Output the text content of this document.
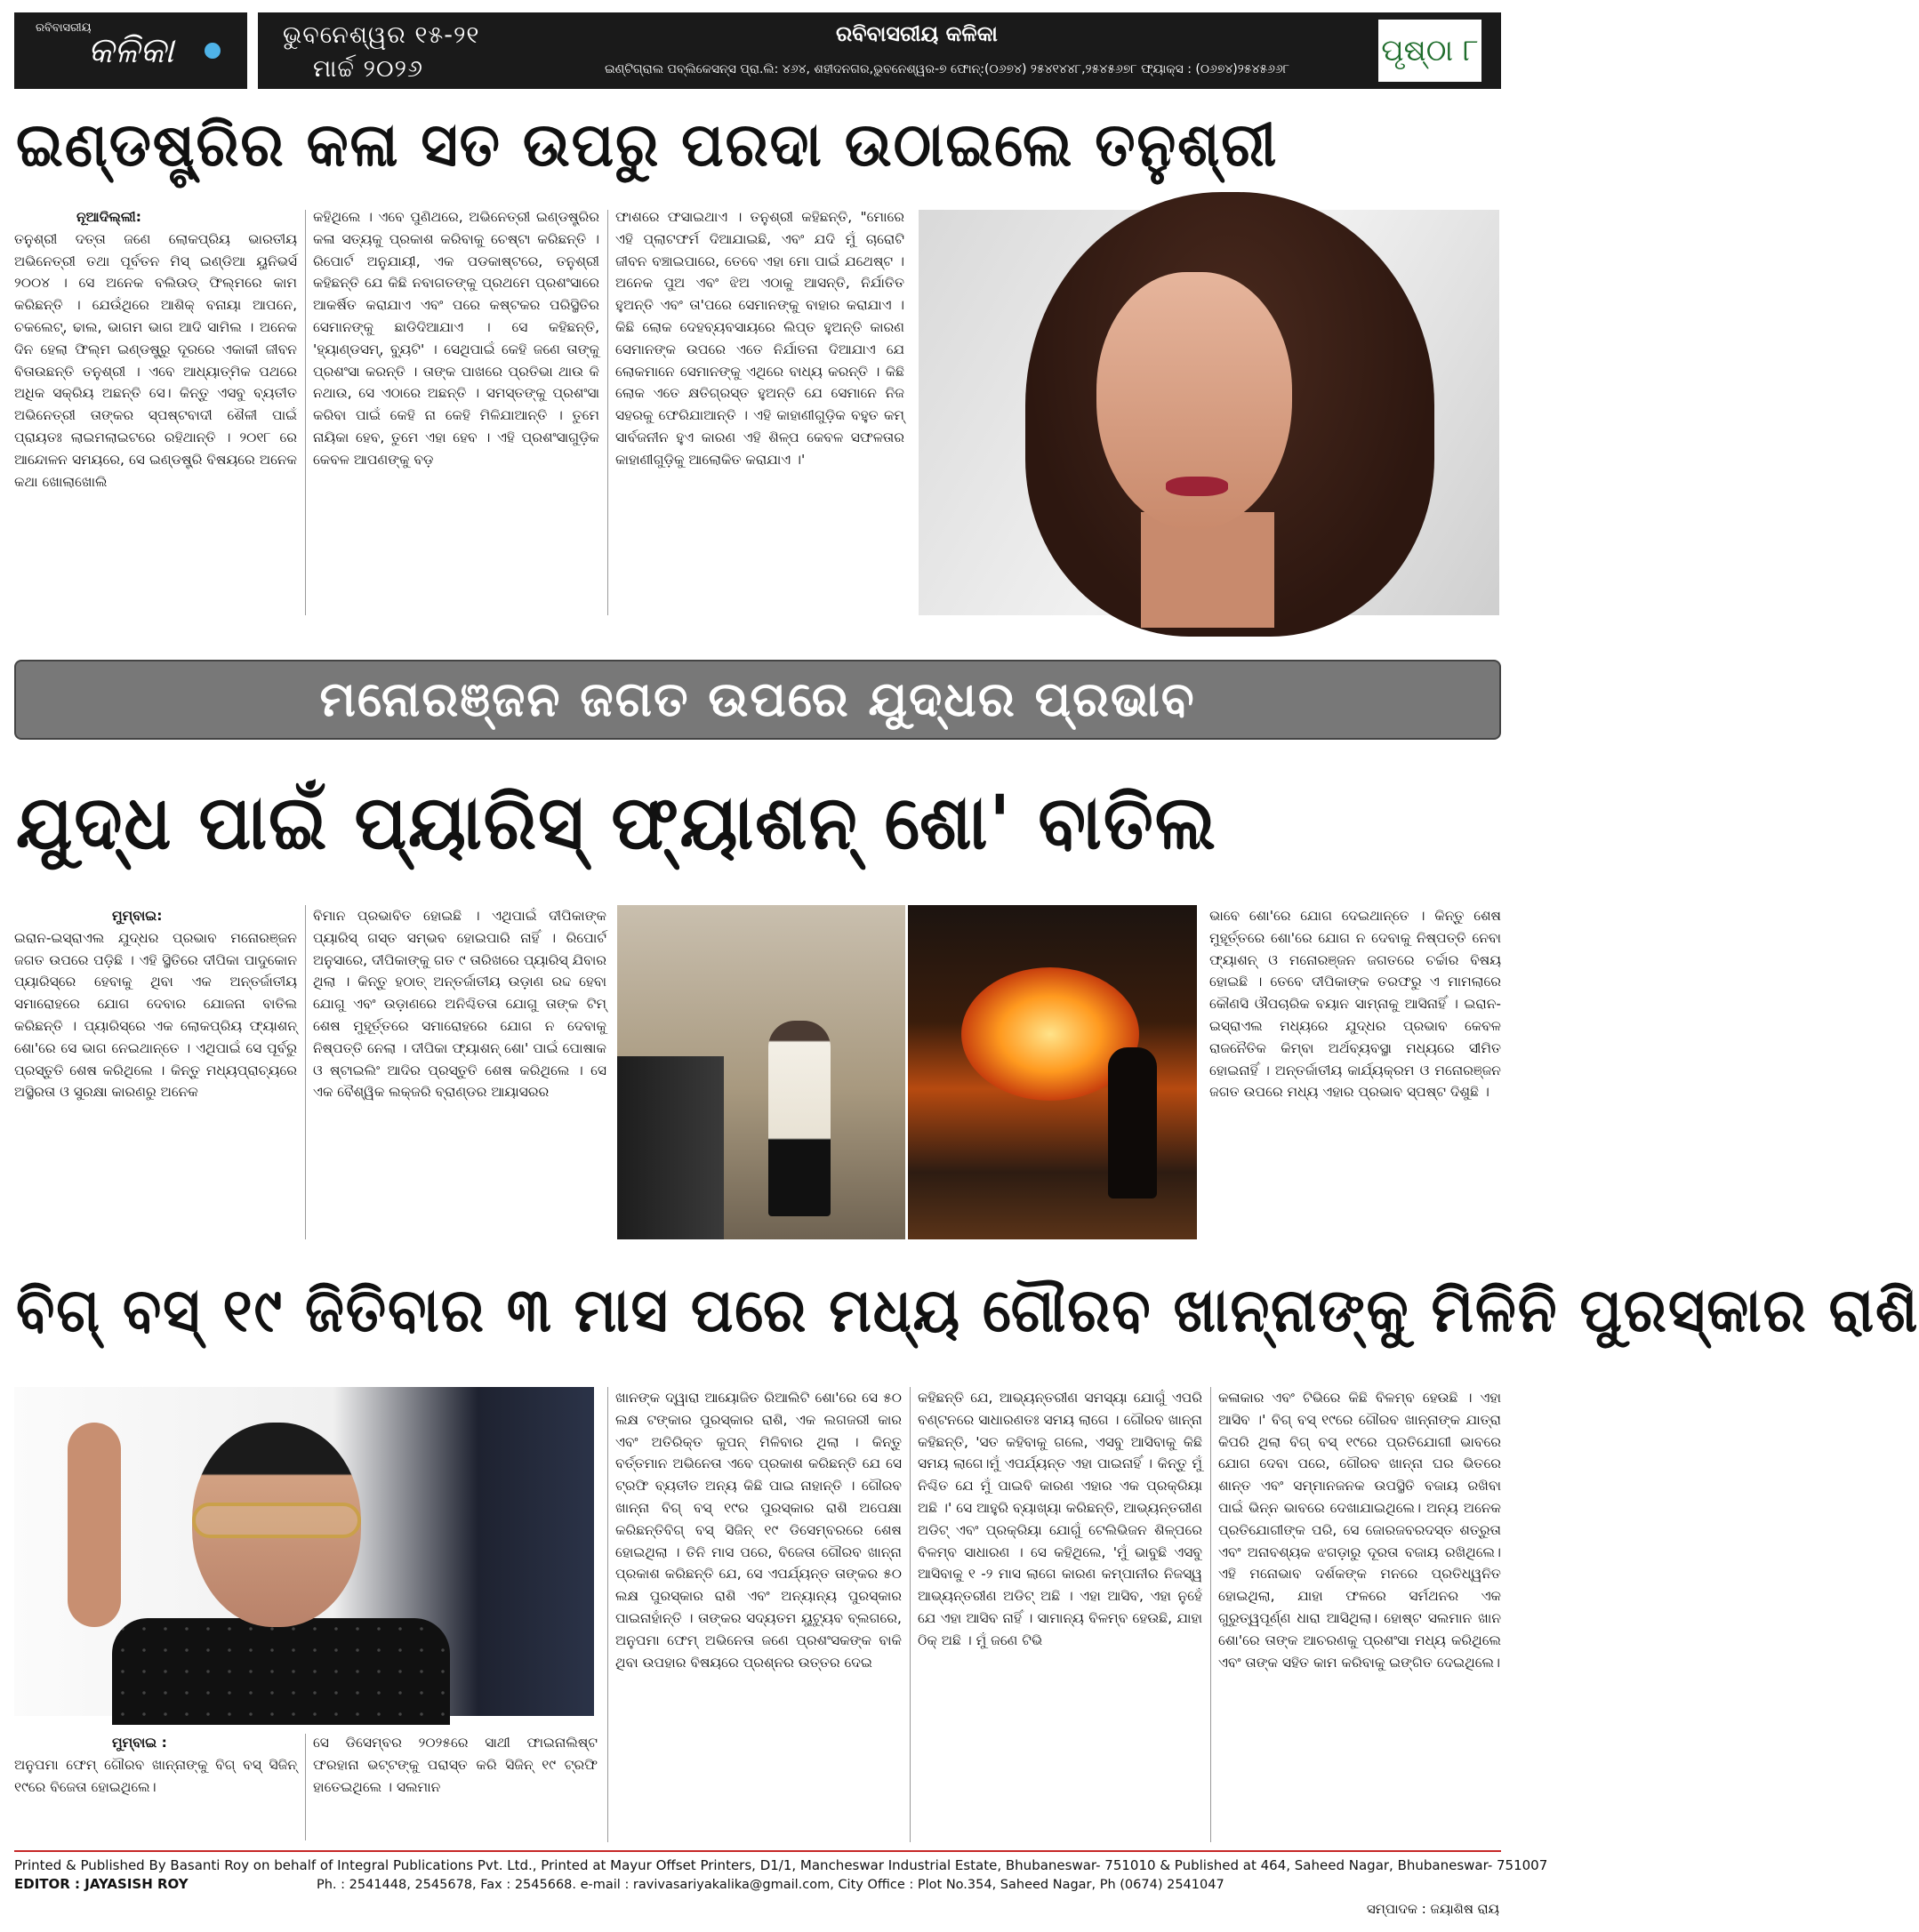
ରବିବାସରୀୟ
କଳିକା	ଭୁବନେଶ୍ୱର ୧୫-୨୧
ମାର୍ଚ୍ଚ ୨୦୨୬
ରବିବାସରୀୟ କଳିକା
ଇଣ୍ଟିଗ୍ରାଲ ପବ୍ଲିକେସନ୍ସ ପ୍ରା.ଲି: ୪୬୪, ଶହୀଦନଗର,ଭୁବନେଶ୍ୱର-୭ ଫୋନ୍:(୦୬୭୪) ୨୫୪୧୪୪୮,୨୫୪୫୬୭୮ ଫ୍ୟାକ୍ସ : (୦୬୭୪)୨୫୪୫୬୬୮
ପୃଷ୍ଠା ୮
ଇଣ୍ଡଷ୍ଟ୍ରିର କଳା ସତ ଉପରୁ ପରଦା ଉଠାଇଲେ ତନୁଶ୍ରୀ
ନୂଆଦିଲ୍ଲୀ:
ତନୁଶ୍ରୀ ଦତ୍ତା ଜଣେ ଲୋକପ୍ରିୟ ଭାରତୀୟ ଅଭିନେତ୍ରୀ ତଥା ପୂର୍ବତନ ମିସ୍ ଇଣ୍ଡିଆ ୟୁନିଭର୍ସ ୨୦୦୪ । ସେ ଅନେକ ବଲିଉଡ୍ ଫିଲ୍ମରେ କାମ କରିଛନ୍ତି । ଯେଉଁଥିରେ ଆଶିକ୍ ବନାୟା ଆପନେ, ଚକଲେଟ୍, ଢାଲ, ଭାଗମ ଭାଗ ଆଦି ସାମିଲ । ଅନେକ ଦିନ ହେଲା ଫିଲ୍ମ ଇଣ୍ଡଷ୍ଟ୍ରୁ ଦୂରରେ ଏକାକୀ ଜୀବନ ବିତାଉଛନ୍ତି ତନୁଶ୍ରୀ । ଏବେ ଆଧ୍ୟାତ୍ମିକ ପଥରେ ଅଧିକ ସକ୍ରିୟ ଅଛନ୍ତି ସେ। କିନ୍ତୁ ଏସବୁ ବ୍ୟତୀତ ଅଭିନେତ୍ରୀ ତାଙ୍କର ସ୍ପଷ୍ଟବାଦୀ ଶୈଳୀ ପାଇଁ ପ୍ରାୟତଃ ଲାଇମଲାଇଟରେ ରହିଥାନ୍ତି । ୨୦୧୮ ରେ ଆନ୍ଦୋଳନ ସମୟରେ, ସେ ଇଣ୍ଡଷ୍ଟ୍ରି ବିଷୟରେ ଅନେକ କଥା ଖୋଲାଖୋଲି
କହିଥିଲେ । ଏବେ ପୁଣିଥରେ, ଅଭିନେତ୍ରୀ ଇଣ୍ଡଷ୍ଟ୍ରିର କଳା ସତ୍ୟକୁ ପ୍ରକାଶ କରିବାକୁ ଚେଷ୍ଟା କରିଛନ୍ତି । ରିପୋର୍ଟ ଅନୁଯାୟୀ, ଏକ ପଡକାଷ୍ଟରେ, ତନୁଶ୍ରୀ କହିଛନ୍ତି ଯେ କିଛି ନବାଗତଙ୍କୁ ପ୍ରଥମେ ପ୍ରଶଂସାରେ ଆକର୍ଷିତ କରାଯାଏ ଏବଂ ପରେ କଷ୍ଟକର ପରିସ୍ଥିତିର ସେମାନଙ୍କୁ ଛାଡିଦିଆଯାଏ । ସେ କହିଛନ୍ତି, 'ହ୍ୟାଣ୍ଡସମ୍, ବ୍ୟୁଟି' । ସେଥିପାଇଁ କେହି ଜଣେ ତାଙ୍କୁ ପ୍ରଶଂସା କରନ୍ତି । ତାଙ୍କ ପାଖରେ ପ୍ରତିଭା ଥାଉ କି ନଥାଉ, ସେ ଏଠାରେ ଅଛନ୍ତି । ସମସ୍ତଙ୍କୁ ପ୍ରଶଂସା କରିବା ପାଇଁ କେହି ନା କେହି ମିଳିଯାଆନ୍ତି । ତୁମେ ନାୟିକା ହେବ, ତୁମେ ଏହା ହେବ । ଏହି ପ୍ରଶଂସାଗୁଡ଼ିକ କେବଳ ଆପଣଙ୍କୁ ବଡ଼
ଫାଶରେ ଫସାଇଥାଏ । ତନୁଶ୍ରୀ କହିଛନ୍ତି, "ମୋରେ ଏହି ପ୍ଲାଟଫର୍ମ ଦିଆଯାଇଛି, ଏବଂ ଯଦି ମୁଁ ଚାରୋଟି ଜୀବନ ବଞ୍ଚାଇପାରେ, ତେବେ ଏହା ମୋ ପାଇଁ ଯଥେଷ୍ଟ । ଅନେକ ପୁଅ ଏବଂ ଝିଅ ଏଠାକୁ ଆସନ୍ତି, ନିର୍ଯାତିତ ହୁଅନ୍ତି ଏବଂ ତା'ପରେ ସେମାନଙ୍କୁ ବାହାର କରାଯାଏ । କିଛି ଲୋକ ଦେହବ୍ୟବସାୟରେ ଲିପ୍ତ ହୁଅନ୍ତି କାରଣ ସେମାନଙ୍କ ଉପରେ ଏତେ ନିର୍ଯାତନା ଦିଆଯାଏ ଯେ ଲୋକମାନେ ସେମାନଙ୍କୁ ଏଥିରେ ବାଧ୍ୟ କରନ୍ତି । କିଛି ଲୋକ ଏତେ କ୍ଷତିଗ୍ରସ୍ତ ହୁଅନ୍ତି ଯେ ସେମାନେ ନିଜ ସହରକୁ ଫେରିଯାଆନ୍ତି । ଏହି କାହାଣୀଗୁଡ଼ିକ ବହୁତ କମ୍ ସାର୍ବଜନୀନ ହୁଏ କାରଣ ଏହି ଶିଳ୍ପ କେବଳ ସଫଳତାର କାହାଣୀଗୁଡ଼ିକୁ ଆଲୋକିତ କରାଯାଏ ।'
ମନୋରଞ୍ଜନ ଜଗତ ଉପରେ ଯୁଦ୍ଧର ପ୍ରଭାବ
ଯୁଦ୍ଧ ପାଇଁ ପ୍ୟାରିସ୍ ଫ୍ୟାଶନ୍ ଶୋ' ବାତିଲ
ମୁମ୍ବାଇ:
ଇରାନ-ଇସ୍ରାଏଲ ଯୁଦ୍ଧର ପ୍ରଭାବ ମନୋରଞ୍ଜନ ଜଗତ ଉପରେ ପଡ଼ିଛି । ଏହି ସ୍ଥିତିରେ ଦୀପିକା ପାଦୁକୋନ ପ୍ୟାରିସ୍‌ରେ ହେବାକୁ ଥିବା ଏକ ଅନ୍ତର୍ଜାତୀୟ ସମାରୋହରେ ଯୋଗ ଦେବାର ଯୋଜନା ବାତିଲ କରିଛନ୍ତି । ପ୍ୟାରିସ୍‌ରେ ଏକ ଲୋକପ୍ରିୟ ଫ୍ୟାଶନ୍ ଶୋ'ରେ ସେ ଭାଗ ନେଇଥାନ୍ତେ । ଏଥିପାଇଁ ସେ ପୂର୍ବରୁ ପ୍ରସ୍ତୁତି ଶେଷ କରିଥିଲେ । କିନ୍ତୁ ମଧ୍ୟପ୍ରାଚ୍ୟରେ ଅସ୍ଥିରତା ଓ ସୁରକ୍ଷା କାରଣରୁ ଅନେକ
ବିମାନ ପ୍ରଭାବିତ ହୋଇଛି । ଏଥିପାଇଁ ଦୀପିକାଙ୍କ ପ୍ୟାରିସ୍ ଗସ୍ତ ସମ୍ଭବ ହୋଇପାରି ନାହିଁ । ରିପୋର୍ଟ ଅନୁସାରେ, ଦୀପିକାଙ୍କୁ ଗତ ୯ ତାରିଖରେ ପ୍ୟାରିସ୍ ଯିବାର ଥିଲା । କିନ୍ତୁ ହଠାତ୍ ଅନ୍ତର୍ଜାତୀୟ ଉଡ଼ାଣ ରଦ୍ଦ ହେବା ଯୋଗୁ ଏବଂ ଉଡ଼ାଣରେ ଅନିଶ୍ଚିତତା ଯୋଗୁ ତାଙ୍କ ଟିମ୍ ଶେଷ ମୁହୂର୍ତ୍ତରେ ସମାରୋହରେ ଯୋଗ ନ ଦେବାକୁ ନିଷ୍ପତ୍ତି ନେଲା । ଦୀପିକା ଫ୍ୟାଶନ୍ ଶୋ' ପାଇଁ ପୋଷାକ ଓ ଷ୍ଟାଇଲିଂ ଆଦିର ପ୍ରସ୍ତୁତି ଶେଷ କରିଥିଲେ । ସେ ଏକ ବୈଶ୍ୱିକ ଲକ୍ଜରି ବ୍ରାଣ୍ଡର ଆୟାସରର
ଭାବେ ଶୋ'ରେ ଯୋଗ ଦେଇଥାନ୍ତେ । କିନ୍ତୁ ଶେଷ ମୁହୂର୍ତ୍ତରେ ଶୋ'ରେ ଯୋଗ ନ ଦେବାକୁ ନିଷ୍ପତ୍ତି ନେବା ଫ୍ୟାଶନ୍ ଓ ମନୋରଞ୍ଜନ ଜଗତରେ ଚର୍ଚ୍ଚାର ବିଷୟ ହୋଇଛି । ତେବେ ଦୀପିକାଙ୍କ ତରଫରୁ ଏ ମାମଲାରେ କୌଣସି ଔପଚାରିକ ବୟାନ ସାମ୍ନାକୁ ଆସିନାହିଁ । ଇରାନ-ଇସ୍ରାଏଲ ମଧ୍ୟରେ ଯୁଦ୍ଧର ପ୍ରଭାବ କେବଳ ରାଜନୈତିକ କିମ୍ବା ଅର୍ଥବ୍ୟବସ୍ଥା ମଧ୍ୟରେ ସୀମିତ ହୋଇନାହିଁ । ଅନ୍ତର୍ଜାତୀୟ କାର୍ଯ୍ୟକ୍ରମ ଓ ମନୋରଞ୍ଜନ ଜଗତ ଉପରେ ମଧ୍ୟ ଏହାର ପ୍ରଭାବ ସ୍ପଷ୍ଟ ଦିଶୁଛି ।
ବିଗ୍ ବସ୍ ୧୯ ଜିତିବାର ୩ ମାସ ପରେ ମଧ୍ୟ ଗୌରବ ଖାନ୍ନାଙ୍କୁ ମିଳିନି ପୁରସ୍କାର ରାଶି
ମୁମ୍ବାଇ :
ଅନୁପମା ଫେମ୍ ଗୌରବ ଖାନ୍ନାଙ୍କୁ ବିଗ୍ ବସ୍ ସିଜିନ୍ ୧୯ରେ ବିଜେତା ହୋଇଥିଲେ।
ସେ ଡିସେମ୍ବର ୨୦୨୫ରେ ସାଥୀ ଫାଇନାଲିଷ୍ଟ ଫରହାନା ଭଟ୍ଟଙ୍କୁ ପରାସ୍ତ କରି ସିଜିନ୍ ୧୯ ଟ୍ରଫି ହାତେଇଥିଲେ । ସଲମାନ
ଖାନଙ୍କ ଦ୍ୱାରା ଆୟୋଜିତ ରିଆଲିଟି ଶୋ'ରେ ସେ ୫୦ ଲକ୍ଷ ଟଙ୍କାର ପୁରସ୍କାର ରାଶି, ଏକ ଲଗଜରୀ କାର ଏବଂ ଅତିରିକ୍ତ କୁପନ୍ ମିଳିବାର ଥିଲା । କିନ୍ତୁ ବର୍ତ୍ତମାନ ଅଭିନେତା ଏବେ ପ୍ରକାଶ କରିଛନ୍ତି ଯେ ସେ ଟ୍ରଫି ବ୍ୟତୀତ ଅନ୍ୟ କିଛି ପାଇ ନାହାନ୍ତି । ଗୌରବ ଖାନ୍ନା ବିଗ୍ ବସ୍ ୧୯ର ପୁରସ୍କାର ରାଶି ଅପେକ୍ଷା କରିଛନ୍ତିବିଗ୍ ବସ୍ ସିଜିନ୍ ୧୯ ଡିସେମ୍ବରରେ ଶେଷ ହୋଇଥିଲା । ତିନି ମାସ ପରେ, ବିଜେତା ଗୌରବ ଖାନ୍ନା ପ୍ରକାଶ କରିଛନ୍ତି ଯେ, ସେ ଏପର୍ଯ୍ୟନ୍ତ ତାଙ୍କର ୫୦ ଲକ୍ଷ ପୁରସ୍କାର ରାଶି ଏବଂ ଅନ୍ୟାନ୍ୟ ପୁରସ୍କାର ପାଇନାହାଁନ୍ତି । ତାଙ୍କର ସଦ୍ୟତମ ୟୁଟ୍ୟୁବ ବ୍ଲଗରେ, ଅନୁପମା ଫେମ୍ ଅଭିନେତା ଜଣେ ପ୍ରଶଂସକଙ୍କ ବାକି ଥିବା ଉପହାର ବିଷୟରେ ପ୍ରଶ୍ନର ଉତ୍ତର ଦେଇ
କହିଛନ୍ତି ଯେ, ଆଭ୍ୟନ୍ତରୀଣ ସମସ୍ୟା ଯୋଗୁଁ ଏପରି ବଣ୍ଟନରେ ସାଧାରଣତଃ ସମୟ ଲାଗେ । ଗୌରବ ଖାନ୍ନା କହିଛନ୍ତି, 'ସତ କହିବାକୁ ଗଲେ, ଏସବୁ ଆସିବାକୁ କିଛି ସମୟ ଲାଗେ।ମୁଁ ଏପର୍ଯ୍ୟନ୍ତ ଏହା ପାଇନାହିଁ । କିନ୍ତୁ ମୁଁ ନିଶ୍ଚିତ ଯେ ମୁଁ ପାଇବି କାରଣ ଏହାର ଏକ ପ୍ରକ୍ରିୟା ଅଛି ।' ସେ ଆହୁରି ବ୍ୟାଖ୍ୟା କରିଛନ୍ତି, ଆଭ୍ୟନ୍ତରୀଣ ଅଡିଟ୍ ଏବଂ ପ୍ରକ୍ରିୟା ଯୋଗୁଁ ଟେଲିଭିଜନ ଶିଳ୍ପରେ ବିଳମ୍ବ ସାଧାରଣ । ସେ କହିଥିଲେ, 'ମୁଁ ଭାବୁଛି ଏସବୁ ଆସିବାକୁ ୧ -୨ ମାସ ଲାଗେ କାରଣ କମ୍ପାନୀର ନିଜସ୍ୱ ଆଭ୍ୟନ୍ତରୀଣ ଅଡିଟ୍ ଅଛି । ଏହା ଆସିବ, ଏହା ନୁହେଁ ଯେ ଏହା ଆସିବ ନାହିଁ । ସାମାନ୍ୟ ବିଳମ୍ବ ହେଉଛି, ଯାହା ଠିକ୍ ଅଛି । ମୁଁ ଜଣେ ଟିଭି
କଳାକାର ଏବଂ ଟିଭିରେ କିଛି ବିଳମ୍ବ ହେଉଛି । ଏହା ଆସିବ ।' ବିଗ୍ ବସ୍ ୧୯ରେ ଗୌରବ ଖାନ୍ନାଙ୍କ ଯାତ୍ରା କିପରି ଥିଲା ବିଗ୍ ବସ୍ ୧୯ରେ ପ୍ରତିଯୋଗୀ ଭାବରେ ଯୋଗ ଦେବା ପରେ, ଗୌରବ ଖାନ୍ନା ଘର ଭିତରେ ଶାନ୍ତ ଏବଂ ସମ୍ମାନଜନକ ଉପସ୍ଥିତି ବଜାୟ ରଖିବା ପାଇଁ ଭିନ୍ନ ଭାବରେ ଦେଖାଯାଇଥିଲେ। ଅନ୍ୟ ଅନେକ ପ୍ରତିଯୋଗୀଙ୍କ ପରି, ସେ ଜୋରଜବରଦସ୍ତ ଶତ୍ରୁତା ଏବଂ ଅନାବଶ୍ୟକ ଝଗଡ଼ାରୁ ଦୂରତା ବଜାୟ ରଖିଥିଲେ। ଏହି ମନୋଭାବ ଦର୍ଶକଙ୍କ ମନରେ ପ୍ରତିଧ୍ୱନିତ ହୋଇଥିଲା, ଯାହା ଫଳରେ ସର୍ମଥନର ଏକ ଗୁରୁତ୍ୱପୂର୍ଣ୍ଣ ଧାରା ଆସିଥିଲା। ହୋଷ୍ଟ ସଲମାନ ଖାନ ଶୋ'ରେ ତାଙ୍କ ଆଚରଣକୁ ପ୍ରଶଂସା ମଧ୍ୟ କରିଥିଲେ ଏବଂ ତାଙ୍କ ସହିତ କାମ କରିବାକୁ ଇଙ୍ଗିତ ଦେଇଥିଲେ।
Printed & Published By Basanti Roy on behalf of Integral Publications Pvt. Ltd., Printed at Mayur Offset Printers, D1/1, Mancheswar Industrial Estate, Bhubaneswar- 751010 & Published at 464, Saheed Nagar, Bhubaneswar- 751007
EDITOR : JAYASISH ROY	Ph. : 2541448, 2545678, Fax : 2545668. e-mail : ravivasariyakalika@gmail.com, City Office : Plot No.354, Saheed Nagar, Ph (0674) 2541047
ସମ୍ପାଦକ : ଜୟାଶିଷ ରାୟ
